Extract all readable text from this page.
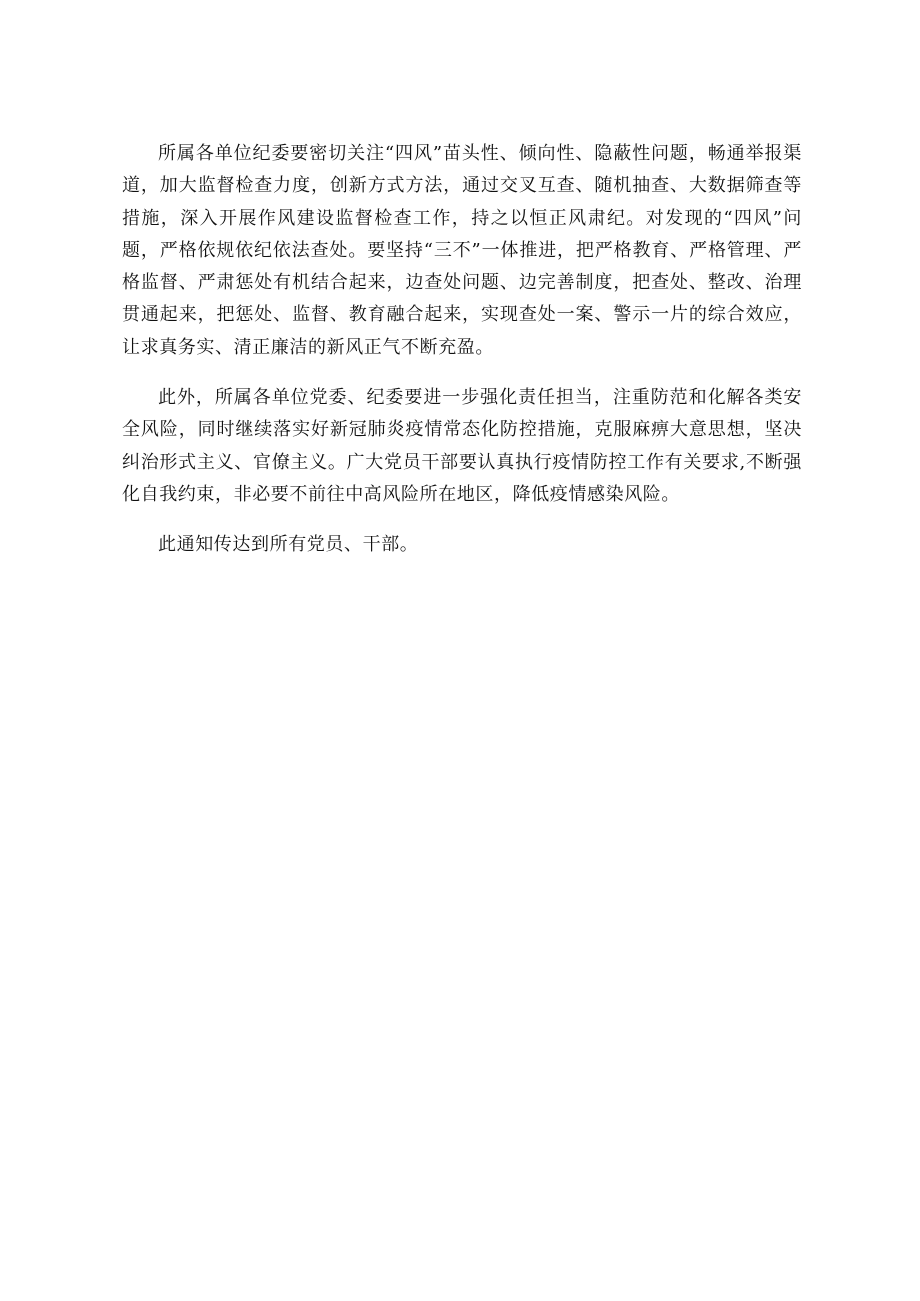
所属各单位纪委要密切关注“四风”苗头性、倾向性、隐蔽性问题，畅通举报渠道，加大监督检查力度，创新方式方法，通过交叉互查、随机抽查、大数据筛查等措施，深入开展作风建设监督检查工作，持之以恒正风肃纪。对发现的“四风”问题，严格依规依纪依法查处。要坚持“三不”一体推进，把严格教育、严格管理、严格监督、严肃惩处有机结合起来，边查处问题、边完善制度，把查处、整改、治理贯通起来，把惩处、监督、教育融合起来，实现查处一案、警示一片的综合效应，让求真务实、清正廉洁的新风正气不断充盈。

此外，所属各单位党委、纪委要进一步强化责任担当，注重防范和化解各类安全风险，同时继续落实好新冠肺炎疫情常态化防控措施，克服麻痹大意思想，坚决纠治形式主义、官僚主义。广大党员干部要认真执行疫情防控工作有关要求,不断强化自我约束，非必要不前往中高风险所在地区，降低疫情感染风险。

此通知传达到所有党员、干部。
